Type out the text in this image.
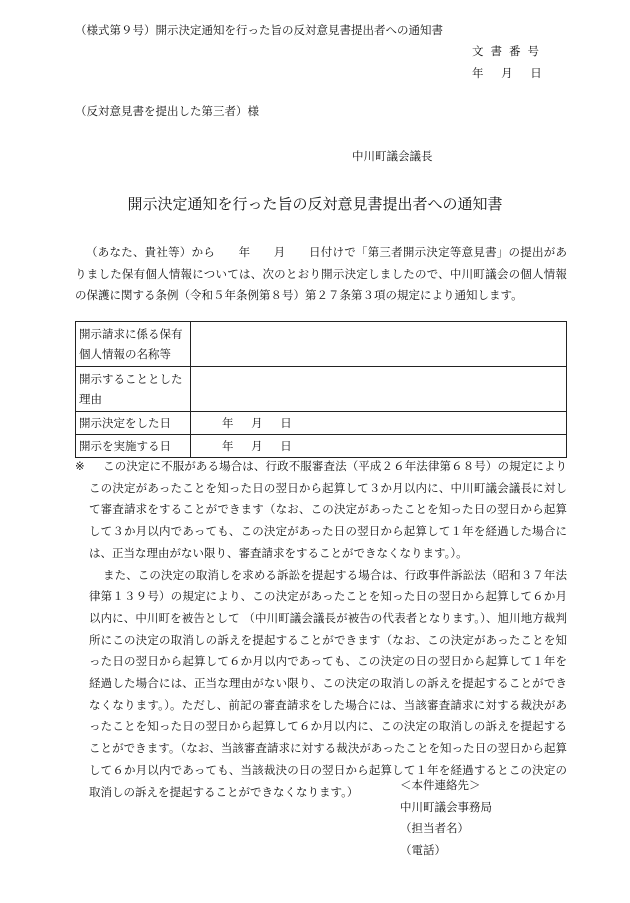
（様式第９号）開示決定通知を行った旨の反対意見書提出者への通知書
文書番号
年 月 日
（反対意見書を提出した第三者）様
中川町議会議長
開示決定通知を行った旨の反対意見書提出者への通知書
（あなた、貴社等）から　　年　　月　　日付けで「第三者開示決定等意見書」の提出がありました保有個人情報については、次のとおり開示決定しましたので、中川町議会の個人情報の保護に関する条例（令和５年条例第８号）第２７条第３項の規定により通知します。
開示請求に係る保有個人情報の名称等	
開示することとした理由	
開示決定をした日	年 月 日
開示を実施する日	年 月 日

※ この決定に不服がある場合は、行政不服審査法（平成２６年法律第６８号）の規定によりこの決定があったことを知った日の翌日から起算して３か月以内に、中川町議会議長に対して審査請求をすることができます（なお、この決定があったことを知った日の翌日から起算して３か月以内であっても、この決定があった日の翌日から起算して１年を経過した場合には、正当な理由がない限り、審査請求をすることができなくなります。）。

また、この決定の取消しを求める訴訟を提起する場合は、行政事件訴訟法（昭和３７年法律第１３９号）の規定により、この決定があったことを知った日の翌日から起算して６か月以内に、中川町を被告として （中川町議会議長が被告の代表者となります。）、旭川地方裁判所にこの決定の取消しの訴えを提起することができます（なお、この決定があったことを知った日の翌日から起算して６か月以内であっても、この決定の日の翌日から起算して１年を経過した場合には、正当な理由がない限り、この決定の取消しの訴えを提起することができなくなります。）。ただし、前記の審査請求をした場合には、当該審査請求に対する裁決があったことを知った日の翌日から起算して６か月以内に、この決定の取消しの訴えを提起することができます。（なお、当該審査請求に対する裁決があったことを知った日の翌日から起算して６か月以内であっても、当該裁決の日の翌日から起算して１年を経過するとこの決定の取消しの訴えを提起することができなくなります。）	＜本件連絡先＞
中川町議会事務局
（担当者名）
（電話）
